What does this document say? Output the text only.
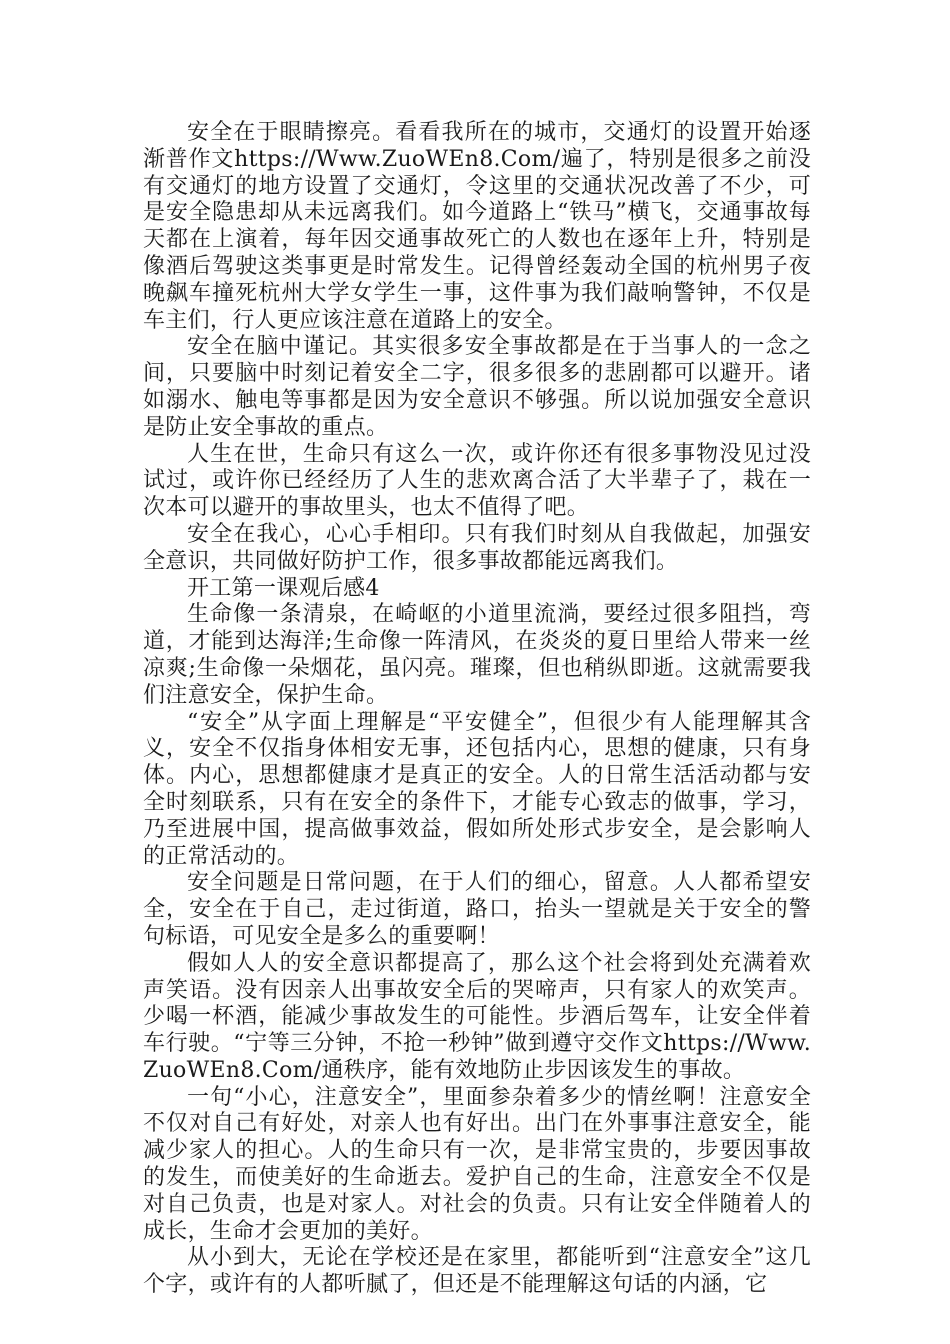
安全在于眼睛擦亮。看看我所在的城市，交通灯的设置开始逐渐普作文https://Www.ZuoWEn8.Com/遍了，特别是很多之前没有交通灯的地方设置了交通灯，令这里的交通状况改善了不少，可是安全隐患却从未远离我们。如今道路上“铁马”横飞，交通事故每天都在上演着，每年因交通事故死亡的人数也在逐年上升，特别是像酒后驾驶这类事更是时常发生。记得曾经轰动全国的杭州男子夜晚飙车撞死杭州大学女学生一事，这件事为我们敲响警钟，不仅是车主们，行人更应该注意在道路上的安全。

安全在脑中谨记。其实很多安全事故都是在于当事人的一念之间，只要脑中时刻记着安全二字，很多很多的悲剧都可以避开。诸如溺水、触电等事都是因为安全意识不够强。所以说加强安全意识是防止安全事故的重点。

人生在世，生命只有这么一次，或许你还有很多事物没见过没试过，或许你已经经历了人生的悲欢离合活了大半辈子了，栽在一次本可以避开的事故里头，也太不值得了吧。

安全在我心，心心手相印。只有我们时刻从自我做起，加强安全意识，共同做好防护工作，很多事故都能远离我们。

开工第一课观后感4

生命像一条清泉，在崎岖的小道里流淌，要经过很多阻挡，弯道，才能到达海洋;生命像一阵清风，在炎炎的夏日里给人带来一丝凉爽;生命像一朵烟花，虽闪亮。璀璨，但也稍纵即逝。这就需要我们注意安全，保护生命。

“安全”从字面上理解是“平安健全”，但很少有人能理解其含义，安全不仅指身体相安无事，还包括内心，思想的健康，只有身体。内心，思想都健康才是真正的安全。人的日常生活活动都与安全时刻联系，只有在安全的条件下，才能专心致志的做事，学习，乃至进展中国，提高做事效益，假如所处形式步安全，是会影响人的正常活动的。

安全问题是日常问题，在于人们的细心，留意。人人都希望安全，安全在于自己，走过街道，路口，抬头一望就是关于安全的警句标语，可见安全是多么的重要啊！

假如人人的安全意识都提高了，那么这个社会将到处充满着欢声笑语。没有因亲人出事故安全后的哭啼声，只有家人的欢笑声。少喝一杯酒，能减少事故发生的可能性。步酒后驾车，让安全伴着车行驶。“宁等三分钟，不抢一秒钟”做到遵守交作文https://Www.ZuoWEn8.Com/通秩序，能有效地防止步因该发生的事故。

一句“小心，注意安全”，里面参杂着多少的情丝啊！注意安全不仅对自己有好处，对亲人也有好出。出门在外事事注意安全，能减少家人的担心。人的生命只有一次，是非常宝贵的，步要因事故的发生，而使美好的生命逝去。爱护自己的生命，注意安全不仅是对自己负责，也是对家人。对社会的负责。只有让安全伴随着人的成长，生命才会更加的美好。

从小到大，无论在学校还是在家里，都能听到“注意安全”这几个字，或许有的人都听腻了，但还是不能理解这句话的内涵，它
